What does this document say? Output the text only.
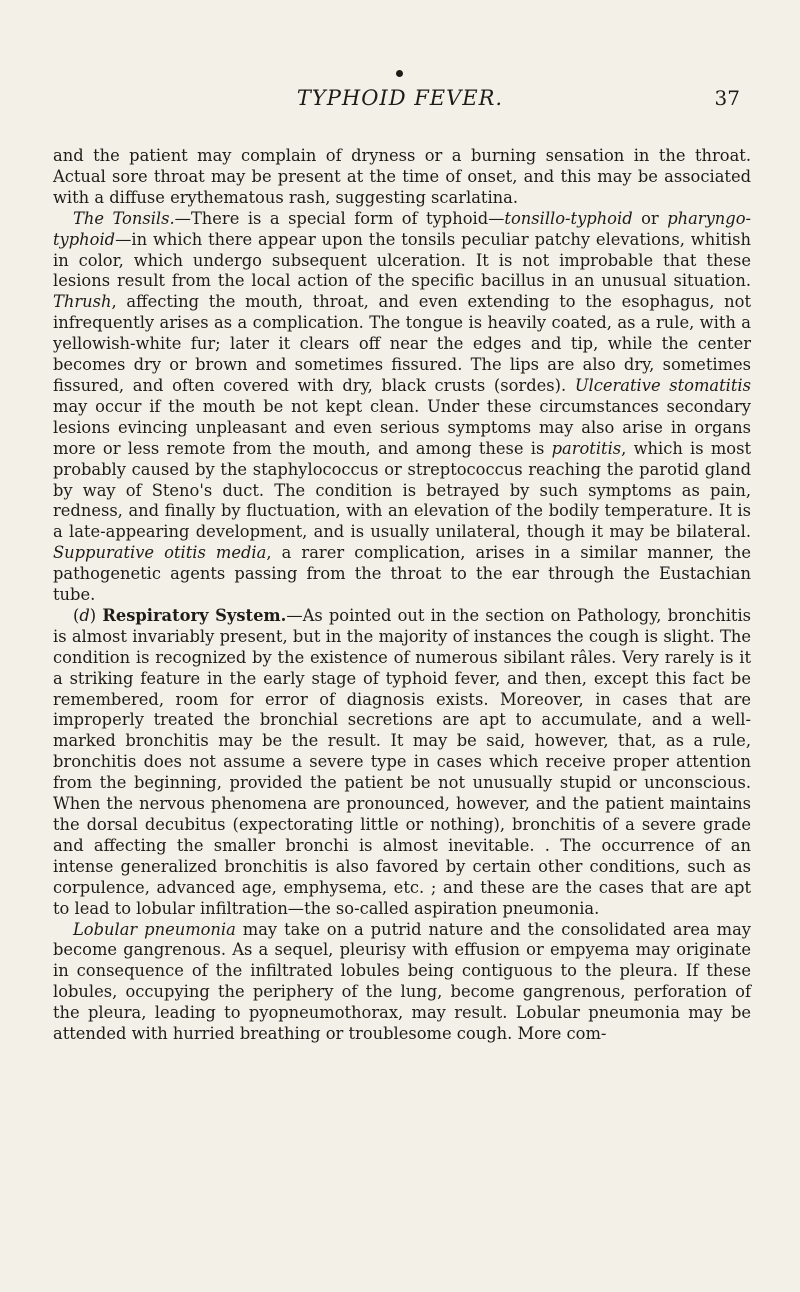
TYPHOID FEVER.	37

and the patient may complain of dryness or a burning sensation in the throat. Actual sore throat may be present at the time of onset, and this may be associated with a diffuse erythematous rash, suggesting scarlatina.

The Tonsils.—There is a special form of typhoid—tonsillo-typhoid or pharyngo-typhoid—in which there appear upon the tonsils peculiar patchy elevations, whitish in color, which undergo subsequent ulceration. It is not improbable that these lesions result from the local action of the specific bacillus in an unusual situation. Thrush, affecting the mouth, throat, and even extending to the esophagus, not infrequently arises as a complication. The tongue is heavily coated, as a rule, with a yellowish-white fur; later it clears off near the edges and tip, while the center becomes dry or brown and sometimes fissured. The lips are also dry, sometimes fissured, and often covered with dry, black crusts (sordes). Ulcerative stomatitis may occur if the mouth be not kept clean. Under these circumstances secondary lesions evincing unpleasant and even serious symptoms may also arise in organs more or less remote from the mouth, and among these is parotitis, which is most probably caused by the staphylococcus or streptococcus reaching the parotid gland by way of Steno's duct. The condition is betrayed by such symptoms as pain, redness, and finally by fluctuation, with an elevation of the bodily temperature. It is a late-appearing development, and is usually unilateral, though it may be bilateral. Suppurative otitis media, a rarer complication, arises in a similar manner, the pathogenetic agents passing from the throat to the ear through the Eustachian tube.

(d) Respiratory System.—As pointed out in the section on Pathology, bronchitis is almost invariably present, but in the majority of instances the cough is slight. The condition is recognized by the existence of numerous sibilant râles. Very rarely is it a striking feature in the early stage of typhoid fever, and then, except this fact be remembered, room for error of diagnosis exists. Moreover, in cases that are improperly treated the bronchial secretions are apt to accumulate, and a well-marked bronchitis may be the result. It may be said, however, that, as a rule, bronchitis does not assume a severe type in cases which receive proper attention from the beginning, provided the patient be not unusually stupid or unconscious. When the nervous phenomena are pronounced, however, and the patient maintains the dorsal decubitus (expectorating little or nothing), bronchitis of a severe grade and affecting the smaller bronchi is almost inevitable. . The occurrence of an intense generalized bronchitis is also favored by certain other conditions, such as corpulence, advanced age, emphysema, etc. ; and these are the cases that are apt to lead to lobular infiltration—the so-called aspiration pneumonia.

Lobular pneumonia may take on a putrid nature and the consolidated area may become gangrenous. As a sequel, pleurisy with effusion or empyema may originate in consequence of the infiltrated lobules being contiguous to the pleura. If these lobules, occupying the periphery of the lung, become gangrenous, perforation of the pleura, leading to pyopneumothorax, may result. Lobular pneumonia may be attended with hurried breathing or troublesome cough. More com-
